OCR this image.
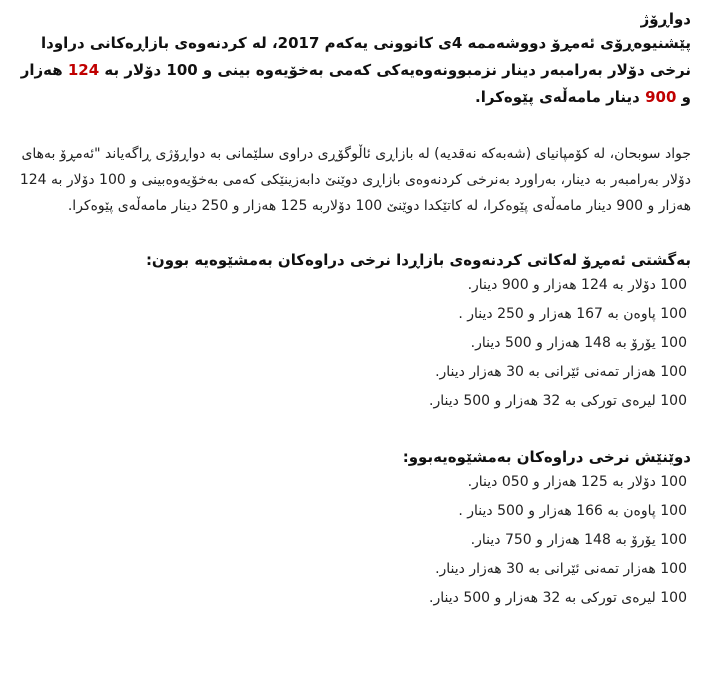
دواڕۆژ

پێشنیوەڕۆی ئەمڕۆ دووشەممە 4ی کانوونی یەکەم 2017، لە کردنەوەی بازاڕەکانی دراودا نرخی دۆلار بەرامبەر دینار نزمبوونەوەیەکی کەمی بەخۆیەوە بینی و 100 دۆلار بە 124 هەزار و 900 دینار مامەڵەی پێوەکرا.

جواد سوبحان، لە کۆمپانیای (شەبەکە نەقدیە) لە بازاڕی ئاڵوگۆڕی دراوی سلێمانی بە دواڕۆژی ڕاگەیاند "ئەمڕۆ بەهای دۆلار بەرامبەر بە دینار، بەراورد بەنرخی کردنەوەی بازاڕی دوێنێ دابەزینێکی کەمی بەخۆیەوەبینی و 100 دۆلار بە 124 هەزار و 900 دینار مامەڵەی پێوەکرا، لە کاتێکدا دوێنێ 100 دۆلاربە 125 هەزار و 250 دینار مامەڵەی پێوەکرا.

بەگشتی ئەمڕۆ لەکاتی کردنەوەی بازاڕدا نرخی دراوەکان بەمشێوەیە بوون:

100 دۆلار بە 124 هەزار و 900 دینار.
100 پاوەن بە 167 هەزار و 250 دینار .
100 یۆرۆ بە 148 هەزار و 500 دینار.
100 هەزار تمەنی ئێرانی بە 30 هەزار دینار.
100 لیرەی تورکی بە 32 هەزار و 500 دینار.

دوێنێش نرخی دراوەکان بەمشێوەیەبوو:

100 دۆلار بە 125 هەزار و 050 دینار.
100 پاوەن بە 166 هەزار و 500 دینار .
100 یۆرۆ بە 148 هەزار و 750 دینار.
100 هەزار تمەنی ئێرانی بە 30 هەزار دینار.
100 لیرەی تورکی بە 32 هەزار و 500 دینار.
